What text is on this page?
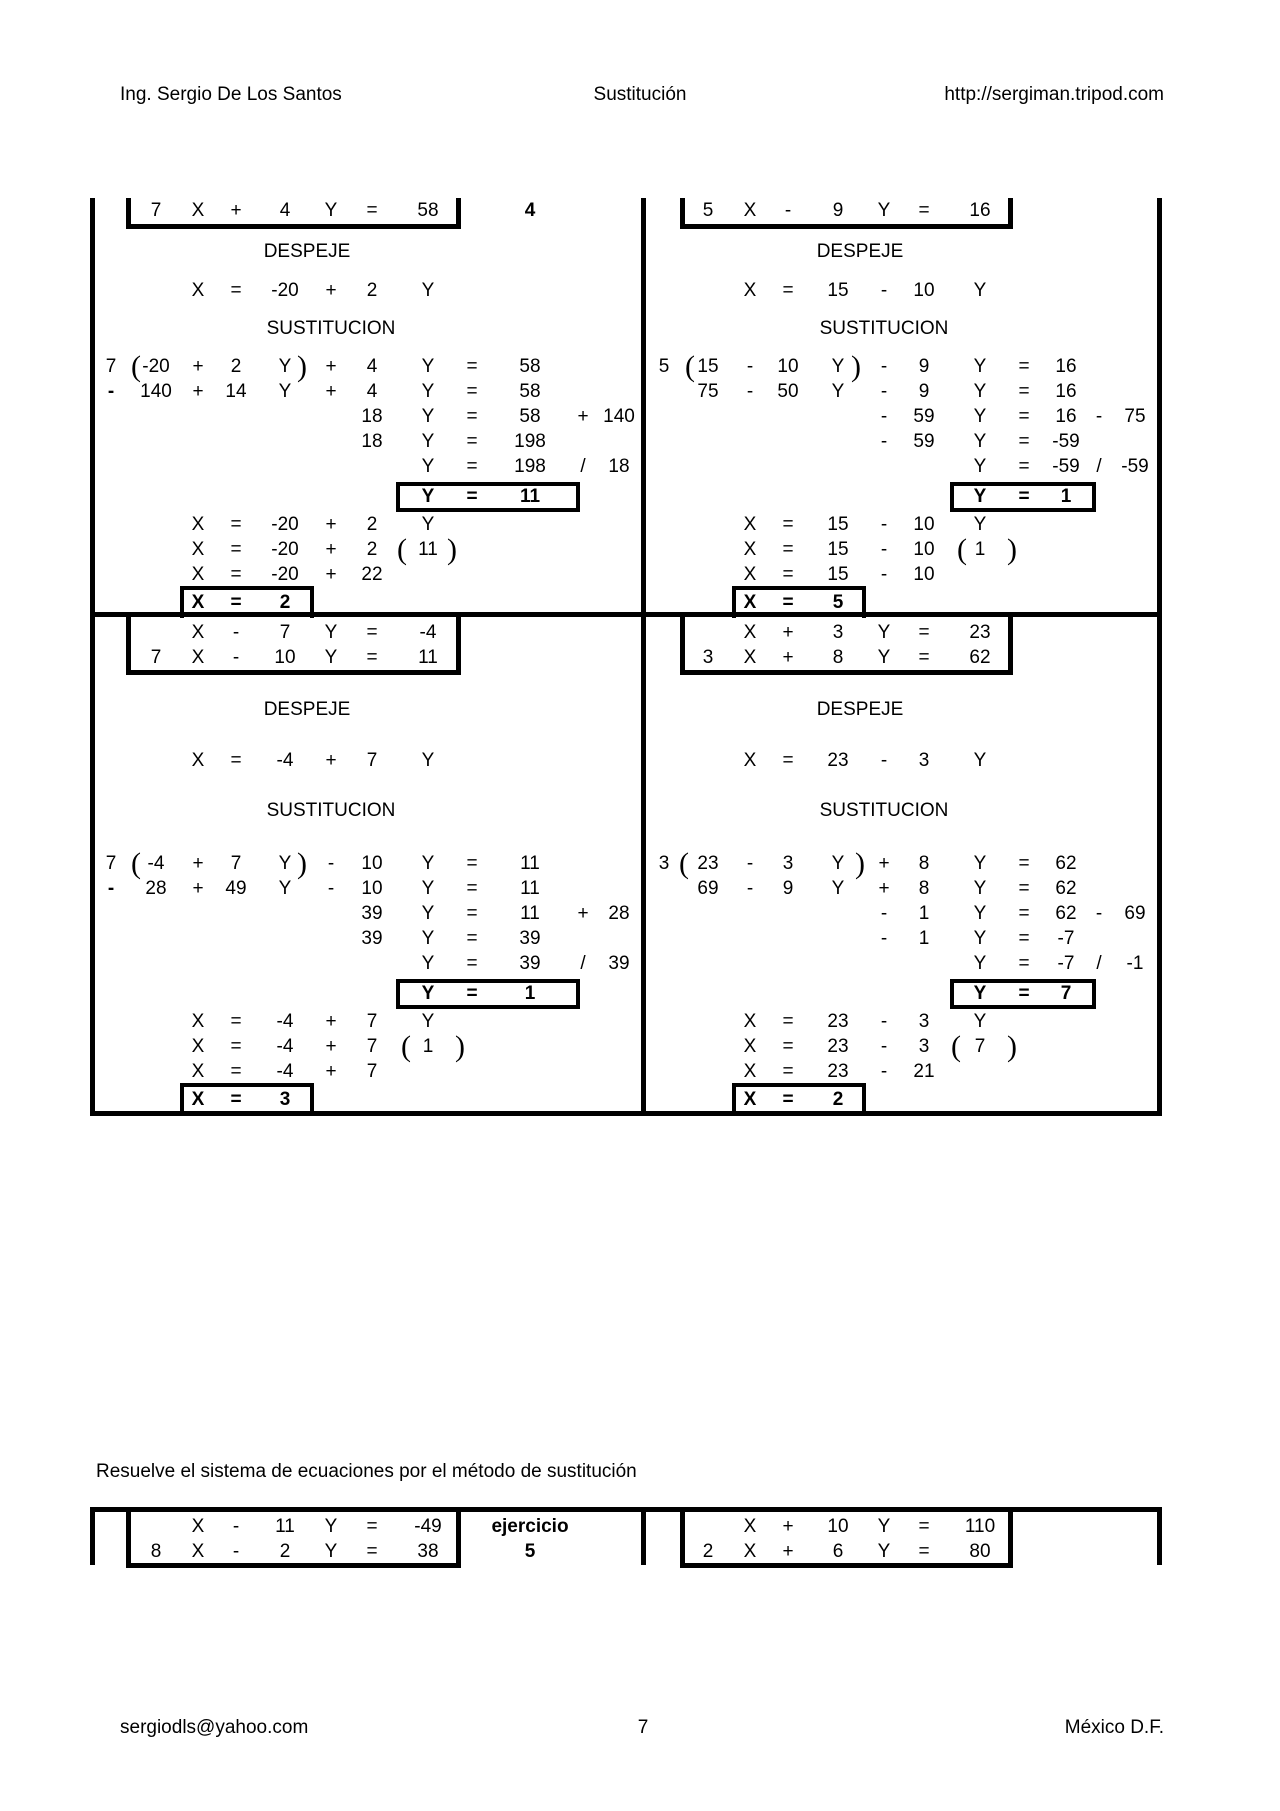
Ing. Sergio De Los Santos	Sustitución	http://sergiman.tripod.com
4
7 X + 4 Y = 58
DESPEJE
X = -20 + 2 Y
SUSTITUCION
7 ( -20 + 2 Y ) + 4 Y = 58
- 140 + 14 Y + 4 Y = 58
18 Y = 58 + 140
18 Y = 198
Y = 198 / 18
Y = 11
X = -20 + 2 Y
X = -20 + 2 ( 11 )
X = -20 + 22
X = 2
5 X - 9 Y = 16
DESPEJE
X = 15 - 10 Y
SUSTITUCION
5 ( 15 - 10 Y ) - 9 Y = 16
75 - 50 Y - 9 Y = 16
- 59 Y = 16 - 75
- 59 Y = -59
Y = -59 / -59
Y = 1
X = 15 - 10 Y
X = 15 - 10 ( 1 )
X = 15 - 10
X = 5
X - 7 Y = -4
7 X - 10 Y = 11
DESPEJE
X = -4 + 7 Y
SUSTITUCION
7 ( -4 + 7 Y ) - 10 Y = 11
- 28 + 49 Y - 10 Y = 11
39 Y = 11 + 28
39 Y = 39
Y = 39 / 39
Y = 1
X = -4 + 7 Y
X = -4 + 7 ( 1 )
X = -4 + 7
X = 3
X + 3 Y = 23
3 X + 8 Y = 62
DESPEJE
X = 23 - 3 Y
SUSTITUCION
3 ( 23 - 3 Y ) + 8 Y = 62
69 - 9 Y + 8 Y = 62
- 1 Y = 62 - 69
- 1 Y = -7
Y = -7 / -1
Y = 7
X = 23 - 3 Y
X = 23 - 3 ( 7 )
X = 23 - 21
X = 2
Resuelve el sistema de ecuaciones por el método de sustitución
X - 11 Y = -49
8 X - 2 Y = 38
ejercicio
5
X + 10 Y = 110
2 X + 6 Y = 80
sergiodls@yahoo.com	7	México D.F.
